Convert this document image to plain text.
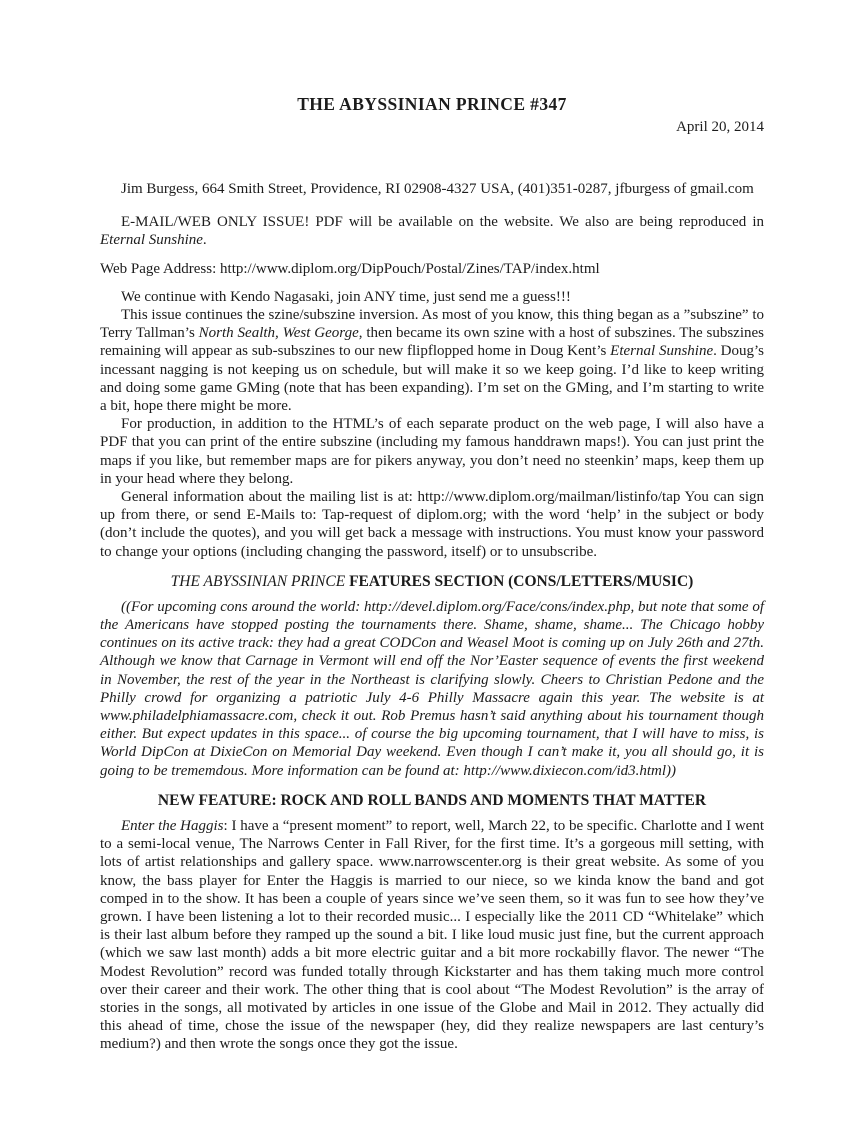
THE ABYSSINIAN PRINCE #347
April 20, 2014

Jim Burgess, 664 Smith Street, Providence, RI 02908-4327 USA, (401)351-0287, jfburgess of gmail.com

E-MAIL/WEB ONLY ISSUE! PDF will be available on the website. We also are being reproduced in Eternal Sunshine.

Web Page Address: http://www.diplom.org/DipPouch/Postal/Zines/TAP/index.html

We continue with Kendo Nagasaki, join ANY time, just send me a guess!!!

This issue continues the szine/subszine inversion. As most of you know, this thing began as a ”subszine” to Terry Tallman’s North Sealth, West George, then became its own szine with a host of subszines. The subszines remaining will appear as sub-subszines to our new flipflopped home in Doug Kent’s Eternal Sunshine. Doug’s incessant nagging is not keeping us on schedule, but will make it so we keep going. I’d like to keep writing and doing some game GMing (note that has been expanding). I’m set on the GMing, and I’m starting to write a bit, hope there might be more.

For production, in addition to the HTML’s of each separate product on the web page, I will also have a PDF that you can print of the entire subszine (including my famous handdrawn maps!). You can just print the maps if you like, but remember maps are for pikers anyway, you don’t need no steenkin’ maps, keep them up in your head where they belong.

General information about the mailing list is at: http://www.diplom.org/mailman/listinfo/tap You can sign up from there, or send E-Mails to: Tap-request of diplom.org; with the word ‘help’ in the subject or body (don’t include the quotes), and you will get back a message with instructions. You must know your password to change your options (including changing the password, itself) or to unsubscribe.

THE ABYSSINIAN PRINCE FEATURES SECTION (CONS/LETTERS/MUSIC)

((For upcoming cons around the world: http://devel.diplom.org/Face/cons/index.php, but note that some of the Americans have stopped posting the tournaments there. Shame, shame, shame... The Chicago hobby continues on its active track: they had a great CODCon and Weasel Moot is coming up on July 26th and 27th. Although we know that Carnage in Vermont will end off the Nor’Easter sequence of events the first weekend in November, the rest of the year in the Northeast is clarifying slowly. Cheers to Christian Pedone and the Philly crowd for organizing a patriotic July 4-6 Philly Massacre again this year. The website is at www.philadelphiamassacre.com, check it out. Rob Premus hasn’t said anything about his tournament though either. But expect updates in this space... of course the big upcoming tournament, that I will have to miss, is World DipCon at DixieCon on Memorial Day weekend. Even though I can’t make it, you all should go, it is going to be trememdous. More information can be found at: http://www.dixiecon.com/id3.html))

NEW FEATURE: ROCK AND ROLL BANDS AND MOMENTS THAT MATTER

Enter the Haggis: I have a “present moment” to report, well, March 22, to be specific. Charlotte and I went to a semi-local venue, The Narrows Center in Fall River, for the first time. It’s a gorgeous mill setting, with lots of artist relationships and gallery space. www.narrowscenter.org is their great website. As some of you know, the bass player for Enter the Haggis is married to our niece, so we kinda know the band and got comped in to the show. It has been a couple of years since we’ve seen them, so it was fun to see how they’ve grown. I have been listening a lot to their recorded music... I especially like the 2011 CD “Whitelake” which is their last album before they ramped up the sound a bit. I like loud music just fine, but the current approach (which we saw last month) adds a bit more electric guitar and a bit more rockabilly flavor. The newer “The Modest Revolution” record was funded totally through Kickstarter and has them taking much more control over their career and their work. The other thing that is cool about “The Modest Revolution” is the array of stories in the songs, all motivated by articles in one issue of the Globe and Mail in 2012. They actually did this ahead of time, chose the issue of the newspaper (hey, did they realize newspapers are last century’s medium?) and then wrote the songs once they got the issue.
